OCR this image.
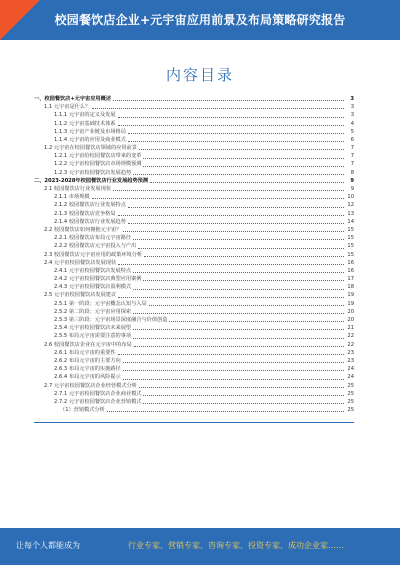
校园餐饮店企业+元宇宙应用前景及布局策略研究报告
内容目录
一、校园餐饮店+元宇宙应用概述	3
1.1 元宇宙是什么？	3
1.1.1 元宇宙的定义及发展	3
1.1.2 元宇宙基础技术体系	4
1.1.3 元宇宙产业链及市场格局	5
1.1.4 元宇宙的应用及商业模式	6
1.2 元宇宙在校园餐饮店领域的应用前景	7
1.2.1 元宇宙给校园餐饮店带来的变革	7
1.2.2 元宇宙校园餐饮店市场规模预测	7
1.2.3 元宇宙校园餐饮店发展趋势	8
二、2023-2028年校园餐饮店行业发展趋势预测	9
2.1 校园餐饮店行业发展现状	9
2.1.1 市场规模	10
2.1.2 校园餐饮店行业发展特点	12
2.1.3 校园餐饮店竞争格局	13
2.1.4 校园餐饮店行业发展趋势	14
2.2 校园餐饮店如何拥抱元宇宙？	15
2.2.1 校园餐饮店布局元宇宙路径	15
2.2.2 校园餐饮店元宇宙投入与产出	15
2.3 校园餐饮店元宇宙应用的政策环境分析	15
2.4 元宇宙校园餐饮店发展现状	16
2.4.1 元宇宙校园餐饮店发展特点	16
2.4.2 元宇宙校园餐饮店典型应用案例	17
2.4.3 元宇宙校园餐饮店盈利模式	18
2.5 元宇宙校园餐饮店发展建议	19
2.5.1 第一阶段：元宇宙概念认知与入局	19
2.5.2 第二阶段：元宇宙应用探索	20
2.5.3 第三阶段：元宇宙场景深度融合与价值创造	20
2.5.4 元宇宙校园餐饮店未来展望	21
2.5.5 布局元宇宙需要注意的事项	22
2.6 校园餐饮店企业在元宇宙中的布局	22
2.6.1 布局元宇宙的重要性	23
2.6.2 布局元宇宙的主要方向	23
2.6.3 布局元宇宙的实施路径	24
2.6.4 布局元宇宙的风险提示	24
2.7 元宇宙校园餐饮店企业经营模式分析	25
2.7.1 元宇宙校园餐饮店企业商业模式	25
2.7.2 元宇宙校园餐饮店企业营销模式	25
（1）营销模式分析	25
让每个人都能成为	行业专家、营销专家、咨询专家、投资专家、成功企业家……
